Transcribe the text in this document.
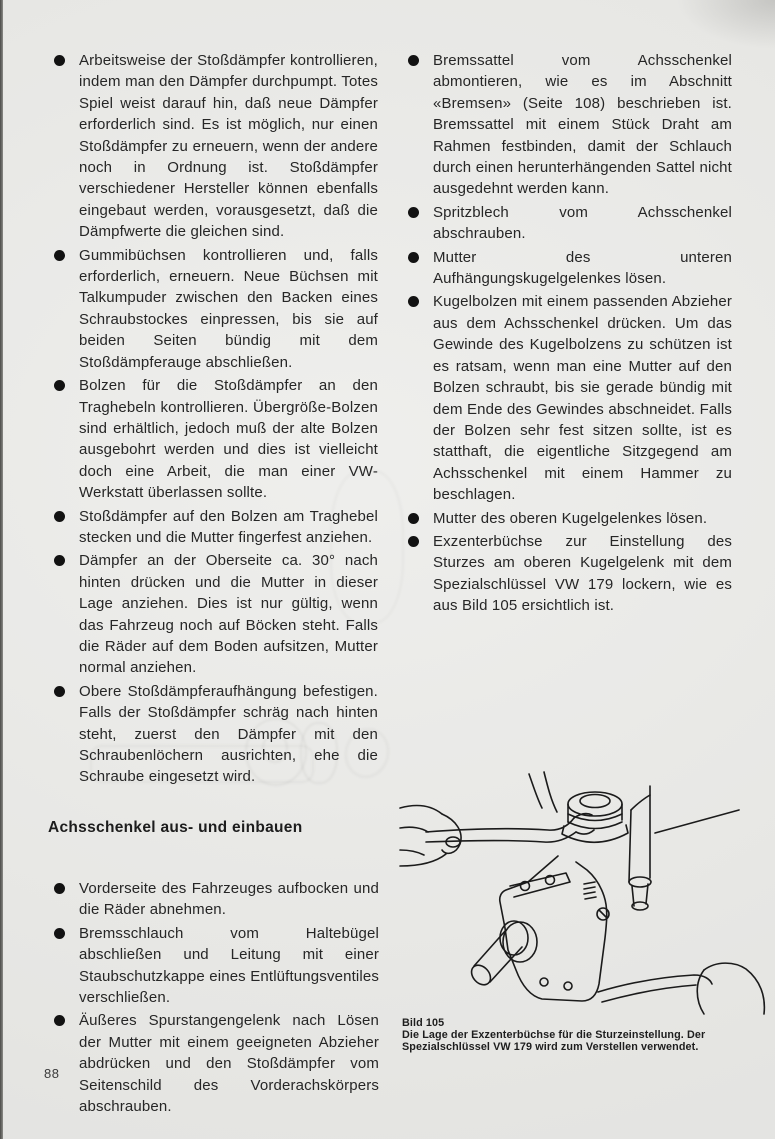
Arbeitsweise der Stoßdämpfer kontrollieren, indem man den Dämpfer durchpumpt. Totes Spiel weist darauf hin, daß neue Dämpfer erforderlich sind. Es ist möglich, nur einen Stoßdämpfer zu erneuern, wenn der andere noch in Ordnung ist. Stoßdämpfer verschiedener Hersteller können ebenfalls eingebaut werden, vorausgesetzt, daß die Dämpfwerte die gleichen sind.

Gummibüchsen kontrollieren und, falls erforderlich, erneuern. Neue Büchsen mit Talkumpuder zwischen den Backen eines Schraubstockes einpressen, bis sie auf beiden Seiten bündig mit dem Stoßdämpferauge abschließen.

Bolzen für die Stoßdämpfer an den Traghebeln kontrollieren. Übergröße-Bolzen sind erhältlich, jedoch muß der alte Bolzen ausgebohrt werden und dies ist vielleicht doch eine Arbeit, die man einer VW-Werkstatt überlassen sollte.

Stoßdämpfer auf den Bolzen am Traghebel stecken und die Mutter fingerfest anziehen.

Dämpfer an der Oberseite ca. 30° nach hinten drücken und die Mutter in dieser Lage anziehen. Dies ist nur gültig, wenn das Fahrzeug noch auf Böcken steht. Falls die Räder auf dem Boden aufsitzen, Mutter normal anziehen.

Obere Stoßdämpferaufhängung befestigen. Falls der Stoßdämpfer schräg nach hinten steht, zuerst den Dämpfer mit den Schraubenlöchern ausrichten, ehe die Schraube eingesetzt wird.

Bremssattel vom Achsschenkel abmontieren, wie es im Abschnitt «Bremsen» (Seite 108) beschrieben ist. Bremssattel mit einem Stück Draht am Rahmen festbinden, damit der Schlauch durch einen herunterhängenden Sattel nicht ausgedehnt werden kann.

Spritzblech vom Achsschenkel abschrauben.

Mutter des unteren Aufhängungskugelgelenkes lösen.

Kugelbolzen mit einem passenden Abzieher aus dem Achsschenkel drücken. Um das Gewinde des Kugelbolzens zu schützen ist es ratsam, wenn man eine Mutter auf den Bolzen schraubt, bis sie gerade bündig mit dem Ende des Gewindes abschneidet. Falls der Bolzen sehr fest sitzen sollte, ist es statthaft, die eigentliche Sitzgegend am Achsschenkel mit einem Hammer zu beschlagen.

Mutter des oberen Kugelgelenkes lösen.

Exzenterbüchse zur Einstellung des Sturzes am oberen Kugelgelenk mit dem Spezialschlüssel VW 179 lockern, wie es aus Bild 105 ersichtlich ist.

Achsschenkel aus- und einbauen

Vorderseite des Fahrzeuges aufbocken und die Räder abnehmen.

Bremsschlauch vom Haltebügel abschließen und Leitung mit einer Staubschutzkappe eines Entlüftungsventiles verschließen.

Äußeres Spurstangengelenk nach Lösen der Mutter mit einem geeigneten Abzieher abdrücken und den Stoßdämpfer vom Seitenschild des Vorderachskörpers abschrauben.

Bild 105
Die Lage der Exzenterbüchse für die Sturzeinstellung. Der Spezialschlüssel VW 179 wird zum Verstellen verwendet.
88
